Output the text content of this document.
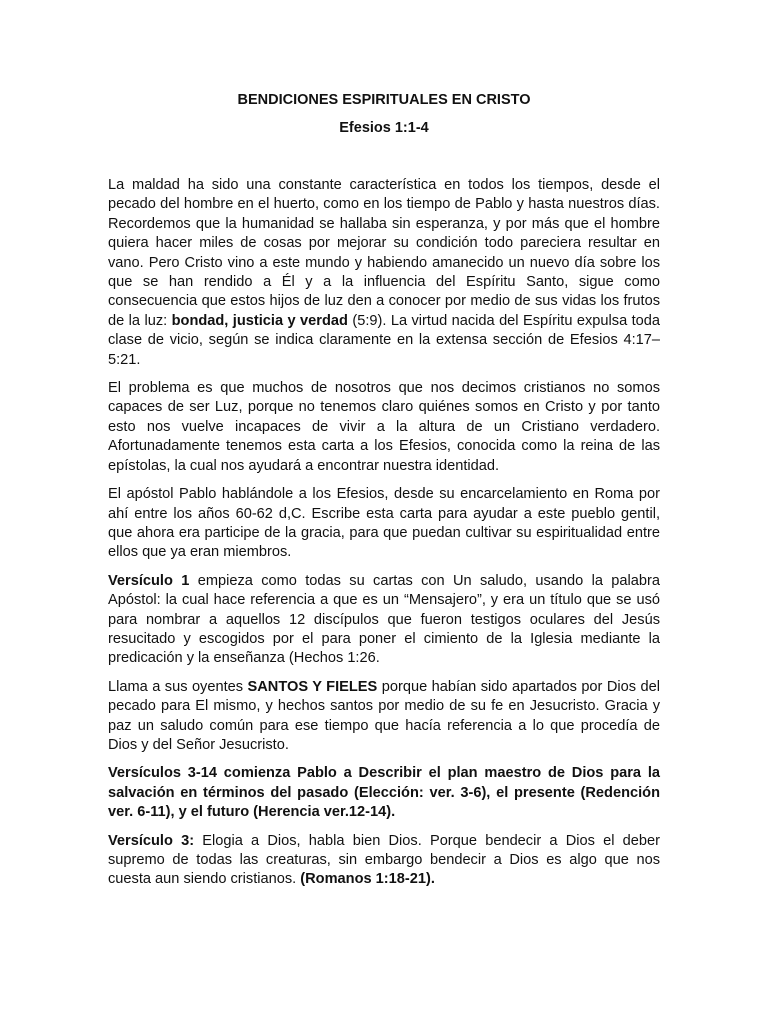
BENDICIONES ESPIRITUALES EN CRISTO
Efesios 1:1-4

La maldad ha sido una constante característica en todos los tiempos, desde el pecado del hombre en el huerto, como en los tiempo de Pablo y hasta nuestros días. Recordemos que la humanidad se hallaba sin esperanza, y por más que el hombre quiera hacer miles de cosas por mejorar su condición todo pareciera resultar en vano. Pero Cristo vino a este mundo y habiendo amanecido un nuevo día sobre los que se han rendido a Él y a la influencia del Espíritu Santo, sigue como consecuencia que estos hijos de luz den a conocer por medio de sus vidas los frutos de la luz: bondad, justicia y verdad (5:9). La virtud nacida del Espíritu expulsa toda clase de vicio, según se indica claramente en la extensa sección de Efesios 4:17– 5:21.

El problema es que muchos de nosotros que nos decimos cristianos no somos capaces de ser Luz, porque no tenemos claro quiénes somos en Cristo y por tanto esto nos vuelve incapaces de vivir a la altura de un Cristiano verdadero. Afortunadamente tenemos esta carta a los Efesios, conocida como la reina de las epístolas, la cual nos ayudará a encontrar nuestra identidad.

El apóstol Pablo hablándole a los Efesios, desde su encarcelamiento en Roma por ahí entre los años 60-62 d,C. Escribe esta carta para ayudar a este pueblo gentil, que ahora era participe de la gracia, para que puedan cultivar su espiritualidad entre ellos que ya eran miembros.

Versículo 1 empieza como todas su cartas con Un saludo, usando la palabra Apóstol: la cual hace referencia a que es un “Mensajero”, y era un título que se usó para nombrar a aquellos 12 discípulos que fueron testigos oculares del Jesús resucitado y escogidos por el para poner el cimiento de la Iglesia mediante la predicación y la enseñanza (Hechos 1:26.

Llama a sus oyentes SANTOS Y FIELES porque habían sido apartados por Dios del pecado para El mismo, y hechos santos por medio de su fe en Jesucristo. Gracia y paz un saludo común para ese tiempo que hacía referencia a lo que procedía de Dios y del Señor Jesucristo.

Versículos 3-14 comienza Pablo a Describir el plan maestro de Dios para la salvación en términos del pasado (Elección: ver. 3-6), el presente (Redención ver. 6-11), y el futuro (Herencia ver.12-14).

Versículo 3: Elogia a Dios, habla bien Dios. Porque bendecir a Dios el deber supremo de todas las creaturas, sin embargo bendecir a Dios es algo que nos cuesta aun siendo cristianos. (Romanos 1:18-21).
